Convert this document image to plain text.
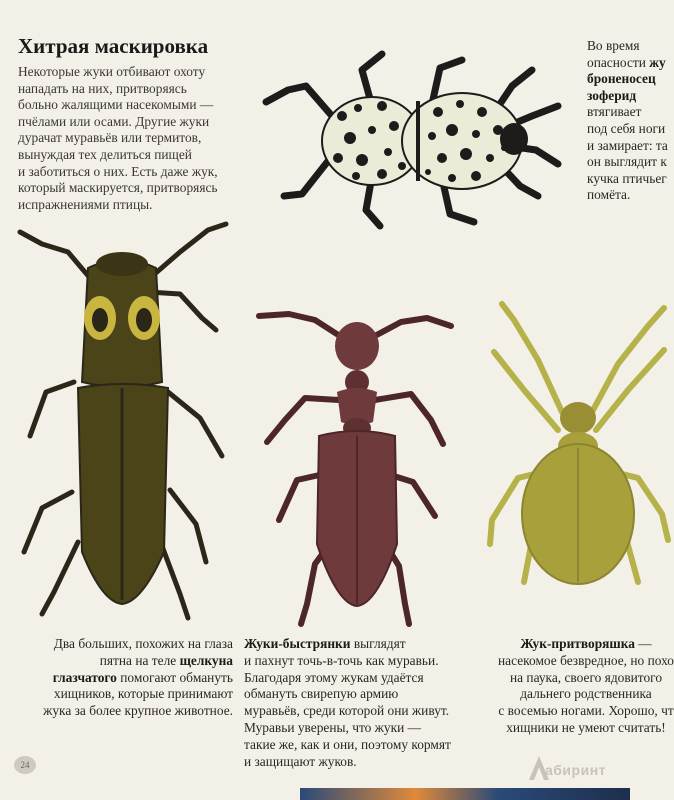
Хитрая маскировка
Некоторые жуки отбивают охоту
нападать на них, притворяясь
больно жалящими насекомыми —
пчёлами или осами. Другие жуки
дурачат муравьёв или термитов,
вынуждая тех делиться пищей
и заботиться о них. Есть даже жук,
который маскируется, притворяясь
испражнениями птицы.
Во время
опасности жу
броненосец
зоферид
втягивает
под себя ноги
и замирает: та
он выглядит к
кучка птичьег
помёта.
Два больших, похожих на глаза
пятна на теле щелкуна
глазчатого помогают обмануть
хищников, которые принимают
жука за более крупное животное.
Жуки-быстрянки выглядят
и пахнут точь-в-точь как муравьи.
Благодаря этому жукам удаётся
обмануть свирепую армию
муравьёв, среди которой они живут.
Муравьи уверены, что жуки —
такие же, как и они, поэтому кормят
и защищают жуков.
Жук-притворяшка —
насекомое безвредное, но похо
на паука, своего ядовитого
дальнего родственника
с восемью ногами. Хорошо, чт
хищники не умеют считать!
24	абиринт
